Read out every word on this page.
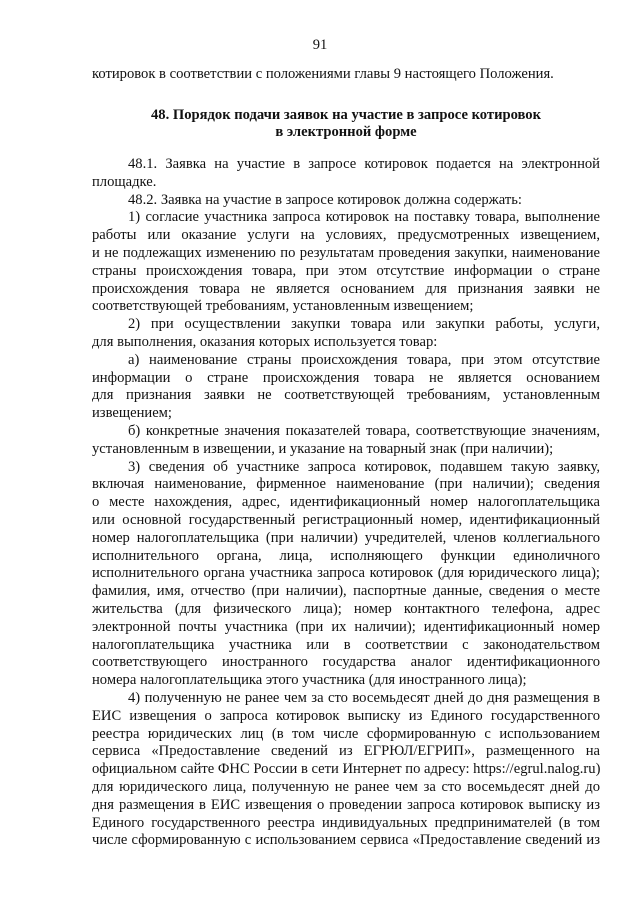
91
котировок в соответствии с положениями главы 9 настоящего Положения.
48. Порядок подачи заявок на участие в запросе котировок
в электронной форме
48.1. Заявка на участие в запросе котировок подается на электронной
площадке.
48.2. Заявка на участие в запросе котировок должна содержать:
1) согласие участника запроса котировок на поставку товара, выполнение
работы или оказание услуги на условиях, предусмотренных извещением,
и не подлежащих изменению по результатам проведения закупки, наименование
страны происхождения товара, при этом отсутствие информации о стране
происхождения товара не является основанием для признания заявки не
соответствующей требованиям, установленным извещением;
2) при осуществлении закупки товара или закупки работы, услуги,
для выполнения, оказания которых используется товар:
а) наименование страны происхождения товара, при этом отсутствие
информации о стране происхождения товара не является основанием
для признания заявки не соответствующей требованиям, установленным
извещением;
б) конкретные значения показателей товара, соответствующие значениям,
установленным в извещении, и указание на товарный знак (при наличии);
3) сведения об участнике запроса котировок, подавшем такую заявку,
включая наименование, фирменное наименование (при наличии); сведения
о месте нахождения, адрес, идентификационный номер налогоплательщика
или основной государственный регистрационный номер, идентификационный
номер налогоплательщика (при наличии) учредителей, членов коллегиального
исполнительного органа, лица, исполняющего функции единоличного
исполнительного органа участника запроса котировок (для юридического лица);
фамилия, имя, отчество (при наличии), паспортные данные, сведения о месте
жительства (для физического лица); номер контактного телефона, адрес
электронной почты участника (при их наличии); идентификационный номер
налогоплательщика участника или в соответствии с законодательством
соответствующего иностранного государства аналог идентификационного
номера налогоплательщика этого участника (для иностранного лица);
4) полученную не ранее чем за сто восемьдесят дней до дня размещения в
ЕИС извещения о запроса котировок выписку из Единого государственного
реестра юридических лиц (в том числе сформированную с использованием
сервиса «Предоставление сведений из ЕГРЮЛ/ЕГРИП», размещенного на
официальном сайте ФНС России в сети Интернет по адресу: https://egrul.nalog.ru)
для юридического лица, полученную не ранее чем за сто восемьдесят дней до
дня размещения в ЕИС извещения о проведении запроса котировок выписку из
Единого государственного реестра индивидуальных предпринимателей (в том
числе сформированную с использованием сервиса «Предоставление сведений из
